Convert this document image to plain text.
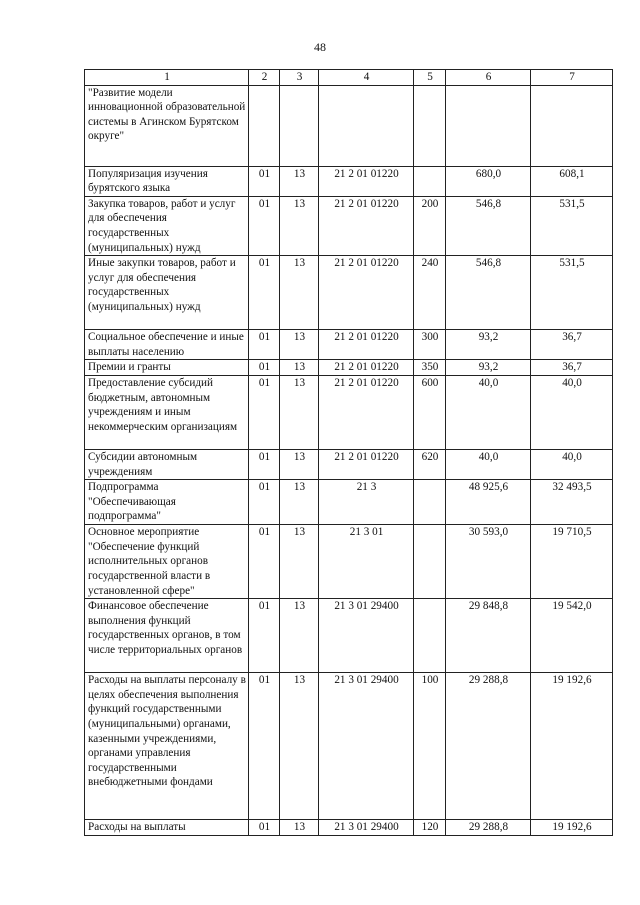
48
1	2	3	4	5	6	7
"Развитие модели инновационной образовательной системы в Агинском Бурятском округе"						
Популяризация изучения бурятского языка	01	13	21 2 01 01220		680,0	608,1
Закупка товаров, работ и услуг для обеспечения государственных (муниципальных) нужд	01	13	21 2 01 01220	200	546,8	531,5
Иные закупки товаров, работ и услуг для обеспечения государственных (муниципальных) нужд	01	13	21 2 01 01220	240	546,8	531,5
Социальное обеспечение и иные выплаты населению	01	13	21 2 01 01220	300	93,2	36,7
Премии и гранты	01	13	21 2 01 01220	350	93,2	36,7
Предоставление субсидий бюджетным, автономным учреждениям и иным некоммерческим организациям	01	13	21 2 01 01220	600	40,0	40,0
Субсидии автономным учреждениям	01	13	21 2 01 01220	620	40,0	40,0
Подпрограмма "Обеспечивающая подпрограмма"	01	13	21 3		48 925,6	32 493,5
Основное мероприятие "Обеспечение функций исполнительных органов государственной власти в установленной сфере"	01	13	21 3 01		30 593,0	19 710,5
Финансовое обеспечение выполнения функций государственных органов, в том числе территориальных органов	01	13	21 3 01 29400		29 848,8	19 542,0
Расходы на выплаты персоналу в целях обеспечения выполнения функций государственными (муниципальными) органами, казенными учреждениями, органами управления государственными внебюджетными фондами	01	13	21 3 01 29400	100	29 288,8	19 192,6
Расходы на выплаты	01	13	21 3 01 29400	120	29 288,8	19 192,6
